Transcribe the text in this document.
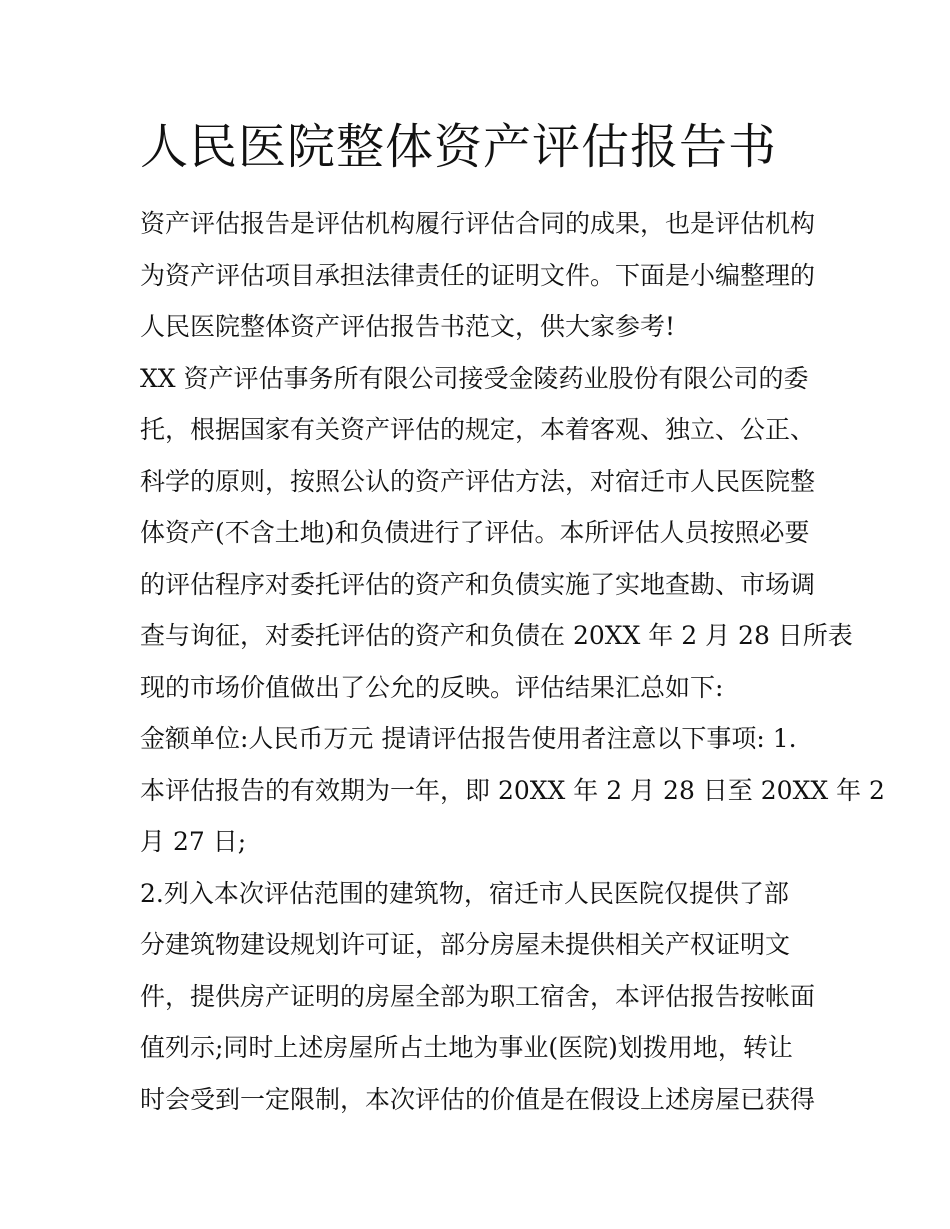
人民医院整体资产评估报告书
资产评估报告是评估机构履行评估合同的成果，也是评估机构
为资产评估项目承担法律责任的证明文件。下面是小编整理的
人民医院整体资产评估报告书范文，供大家参考!
XX 资产评估事务所有限公司接受金陵药业股份有限公司的委
托，根据国家有关资产评估的规定，本着客观、独立、公正、
科学的原则，按照公认的资产评估方法，对宿迁市人民医院整
体资产(不含土地)和负债进行了评估。本所评估人员按照必要
的评估程序对委托评估的资产和负债实施了实地查勘、市场调
查与询征，对委托评估的资产和负债在 20XX 年 2 月 28 日所表
现的市场价值做出了公允的反映。评估结果汇总如下:
金额单位:人民币万元 提请评估报告使用者注意以下事项: 1.
本评估报告的有效期为一年，即 20XX 年 2 月 28 日至 20XX 年 2
月 27 日;
2.列入本次评估范围的建筑物，宿迁市人民医院仅提供了部
分建筑物建设规划许可证，部分房屋未提供相关产权证明文
件，提供房产证明的房屋全部为职工宿舍，本评估报告按帐面
值列示;同时上述房屋所占土地为事业(医院)划拨用地，转让
时会受到一定限制，本次评估的价值是在假设上述房屋已获得
